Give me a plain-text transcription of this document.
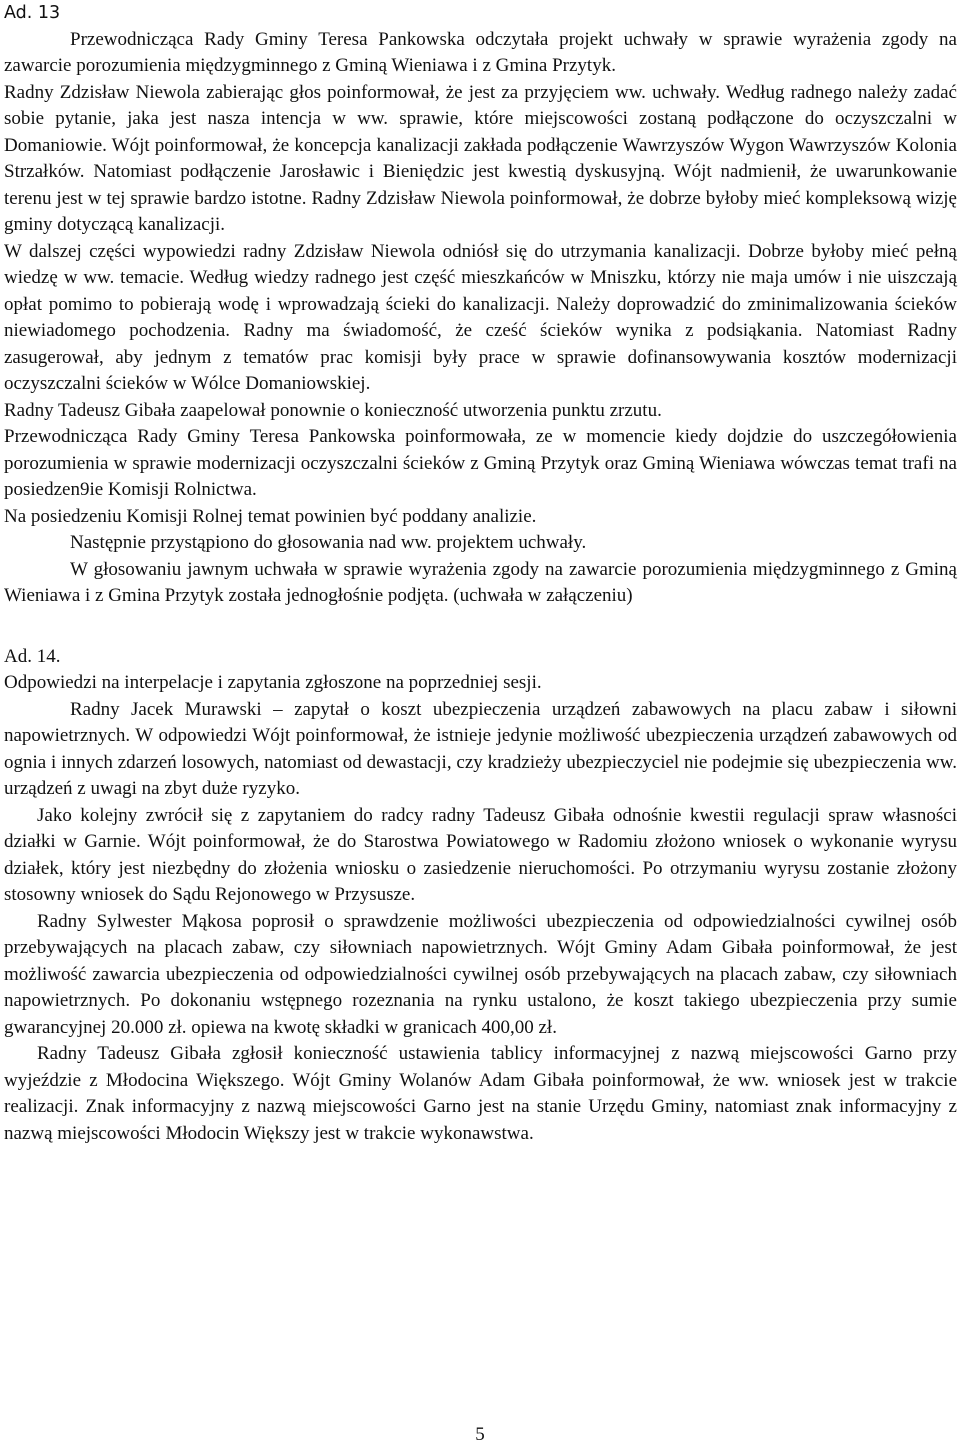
Ad. 13

Przewodnicząca Rady Gminy Teresa Pankowska odczytała projekt uchwały w sprawie wyrażenia zgody na zawarcie porozumienia międzygminnego z Gminą Wieniawa i z Gmina Przytyk.

Radny Zdzisław Niewola zabierając głos poinformował, że jest za przyjęciem ww. uchwały. Według radnego należy zadać sobie pytanie, jaka jest nasza intencja w ww. sprawie, które miejscowości zostaną podłączone do oczyszczalni w Domaniowie. Wójt poinformował, że koncepcja kanalizacji zakłada podłączenie Wawrzyszów Wygon Wawrzyszów Kolonia Strzałków. Natomiast podłączenie Jarosławic i Bieniędzic jest kwestią dyskusyjną. Wójt nadmienił, że uwarunkowanie terenu jest w tej sprawie bardzo istotne. Radny Zdzisław Niewola poinformował, że dobrze byłoby mieć kompleksową wizję gminy dotyczącą kanalizacji.

W dalszej części wypowiedzi radny Zdzisław Niewola odniósł się do utrzymania kanalizacji. Dobrze byłoby mieć pełną wiedzę w ww. temacie. Według wiedzy radnego jest część mieszkańców w Mniszku, którzy nie maja umów i nie uiszczają opłat pomimo to pobierają wodę i wprowadzają ścieki do kanalizacji. Należy doprowadzić do zminimalizowania ścieków niewiadomego pochodzenia. Radny ma świadomość, że cześć ścieków wynika z podsiąkania. Natomiast Radny zasugerował, aby jednym z tematów prac komisji były prace w sprawie dofinansowywania kosztów modernizacji oczyszczalni ścieków w Wólce Domaniowskiej.

Radny Tadeusz Gibała zaapelował ponownie o konieczność utworzenia punktu zrzutu.

Przewodnicząca Rady Gminy Teresa Pankowska poinformowała, ze w momencie kiedy dojdzie do uszczegółowienia porozumienia w sprawie modernizacji oczyszczalni ścieków z Gminą Przytyk oraz Gminą Wieniawa wówczas temat trafi na posiedzen9ie Komisji Rolnictwa.

Na posiedzeniu Komisji Rolnej temat powinien być poddany analizie.

Następnie przystąpiono do głosowania nad ww. projektem uchwały.

W głosowaniu jawnym uchwała w sprawie wyrażenia zgody na zawarcie porozumienia międzygminnego z Gminą Wieniawa i z Gmina Przytyk została jednogłośnie podjęta. (uchwała w załączeniu)

Ad. 14.

Odpowiedzi na interpelacje i zapytania zgłoszone na poprzedniej sesji.

Radny Jacek Murawski – zapytał o koszt ubezpieczenia urządzeń zabawowych na placu zabaw i siłowni napowietrznych. W odpowiedzi Wójt poinformował, że istnieje jedynie możliwość ubezpieczenia urządzeń zabawowych od ognia i innych zdarzeń losowych, natomiast od dewastacji, czy kradzieży ubezpieczyciel nie podejmie się ubezpieczenia ww. urządzeń z uwagi na zbyt duże ryzyko.

Jako kolejny zwrócił się z zapytaniem do radcy radny Tadeusz Gibała odnośnie kwestii regulacji spraw własności działki w Garnie. Wójt poinformował, że do Starostwa Powiatowego w Radomiu złożono wniosek o wykonanie wyrysu działek, który jest niezbędny do złożenia wniosku o zasiedzenie nieruchomości. Po otrzymaniu wyrysu zostanie złożony stosowny wniosek do Sądu Rejonowego w Przysusze.

Radny Sylwester Mąkosa poprosił o sprawdzenie możliwości ubezpieczenia od odpowiedzialności cywilnej osób przebywających na placach zabaw, czy siłowniach napowietrznych. Wójt Gminy Adam Gibała poinformował, że jest możliwość zawarcia ubezpieczenia od odpowiedzialności cywilnej osób przebywających na placach zabaw, czy siłowniach napowietrznych. Po dokonaniu wstępnego rozeznania na rynku ustalono, że koszt takiego ubezpieczenia przy sumie gwarancyjnej 20.000 zł. opiewa na kwotę składki w granicach 400,00 zł.

Radny Tadeusz Gibała zgłosił konieczność ustawienia tablicy informacyjnej z nazwą miejscowości Garno przy wyjeździe z Młodocina Większego. Wójt Gminy Wolanów Adam Gibała poinformował, że ww. wniosek jest w trakcie realizacji. Znak informacyjny z nazwą miejscowości Garno jest na stanie Urzędu Gminy, natomiast znak informacyjny z nazwą miejscowości Młodocin Większy jest w trakcie wykonawstwa.

5
